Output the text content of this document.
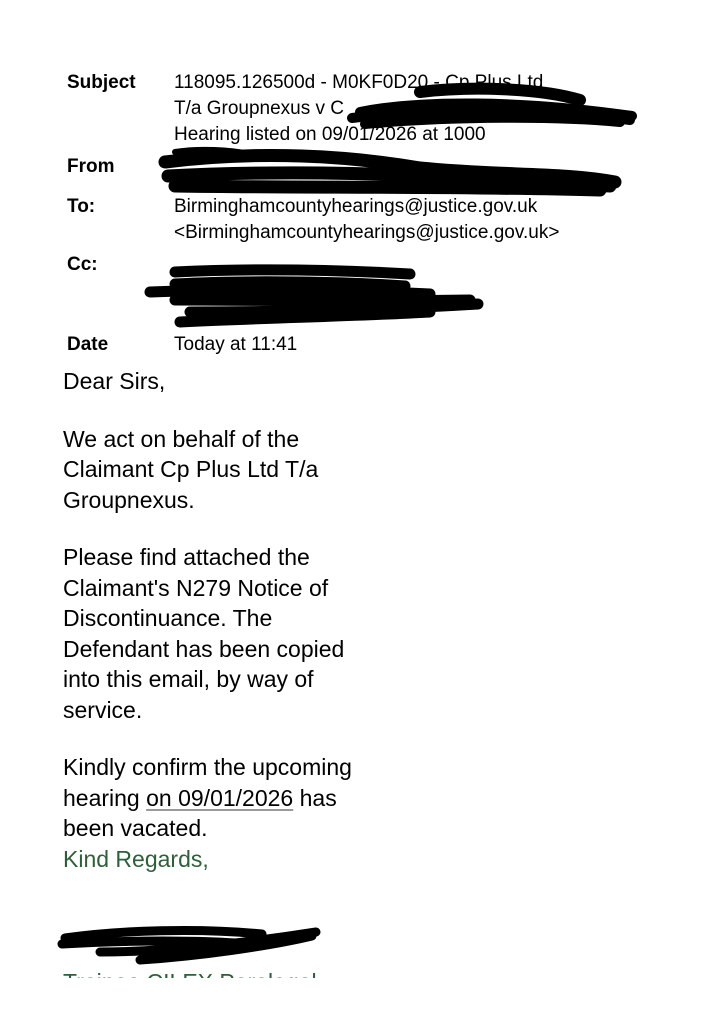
Subject	118095.126500d - M0KF0D20 - Cp Plus Ltd
T/a Groupnexus v C
Hearing listed on 09/01/2026 at 1000
From
To:	Birminghamcountyhearings@justice.gov.uk
<Birminghamcountyhearings@justice.gov.uk>
Cc:
Date	Today at 11:41

Dear Sirs,

We act on behalf of the
Claimant Cp Plus Ltd T/a
Groupnexus.

Please find attached the
Claimant's N279 Notice of
Discontinuance. The
Defendant has been copied
into this email, by way of
service.

Kindly confirm the upcoming
hearing on 09/01/2026 has
been vacated.

Kind Regards,
